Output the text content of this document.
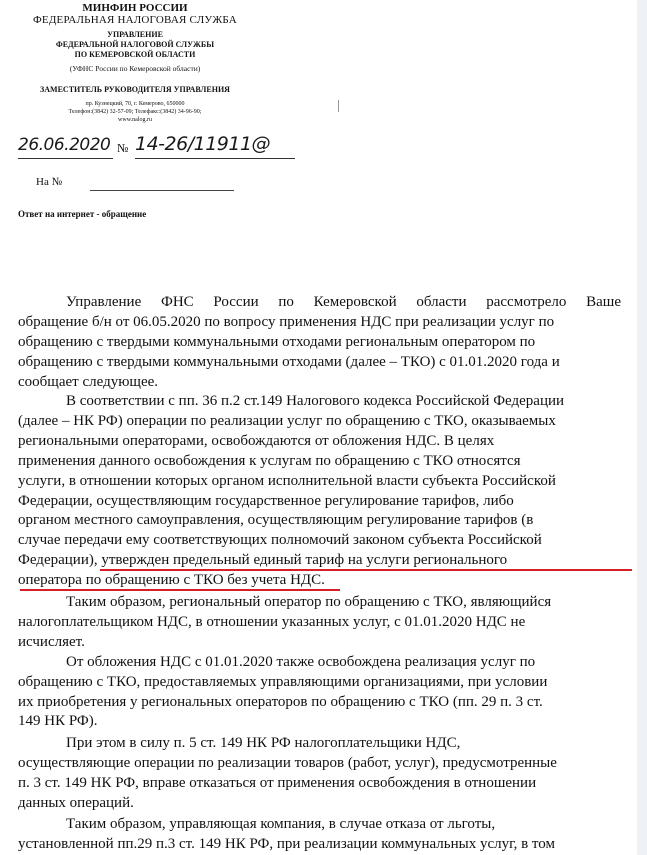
МИНФИН РОССИИ
ФЕДЕРАЛЬНАЯ НАЛОГОВАЯ СЛУЖБА
УПРАВЛЕНИЕ
ФЕДЕРАЛЬНОЙ НАЛОГОВОЙ СЛУЖБЫ
ПО КЕМЕРОВСКОЙ ОБЛАСТИ
(УФНС России по Кемеровской области)
ЗАМЕСТИТЕЛЬ РУКОВОДИТЕЛЯ УПРАВЛЕНИЯ
пр. Кузнецкий, 70, г. Кемерово, 650000
Телефон:(3842) 32-57-09; Телефакс:(3842) 34-96-90;
www.nalog.ru
26.06.2020 № 14-26/11911@
На №
Ответ на интернет - обращение
Управление ФНС России по Кемеровской области рассмотрело Ваше
обращение б/н от 06.05.2020 по вопросу применения НДС при реализации услуг по
обращению с твердыми коммунальными отходами региональным оператором по
обращению с твердыми коммунальными отходами (далее – ТКО) с 01.01.2020 года и
сообщает следующее.
В соответствии с пп. 36 п.2 ст.149 Налогового кодекса Российской Федерации
(далее – НК РФ) операции по реализации услуг по обращению с ТКО, оказываемых
региональными операторами, освобождаются от обложения НДС. В целях
применения данного освобождения к услугам по обращению с ТКО относятся
услуги, в отношении которых органом исполнительной власти субъекта Российской
Федерации, осуществляющим государственное регулирование тарифов, либо
органом местного самоуправления, осуществляющим регулирование тарифов (в
случае передачи ему соответствующих полномочий законом субъекта Российской
Федерации), утвержден предельный единый тариф на услуги регионального
оператора по обращению с ТКО без учета НДС.
Таким образом, региональный оператор по обращению с ТКО, являющийся
налогоплательщиком НДС, в отношении указанных услуг, с 01.01.2020 НДС не
исчисляет.
От обложения НДС с 01.01.2020 также освобождена реализация услуг по
обращению с ТКО, предоставляемых управляющими организациями, при условии
их приобретения у региональных операторов по обращению с ТКО (пп. 29 п. 3 ст.
149 НК РФ).
При этом в силу п. 5 ст. 149 НК РФ налогоплательщики НДС,
осуществляющие операции по реализации товаров (работ, услуг), предусмотренные
п. 3 ст. 149 НК РФ, вправе отказаться от применения освобождения в отношении
данных операций.
Таким образом, управляющая компания, в случае отказа от льготы,
установленной пп.29 п.3 ст. 149 НК РФ, при реализации коммунальных услуг, в том
